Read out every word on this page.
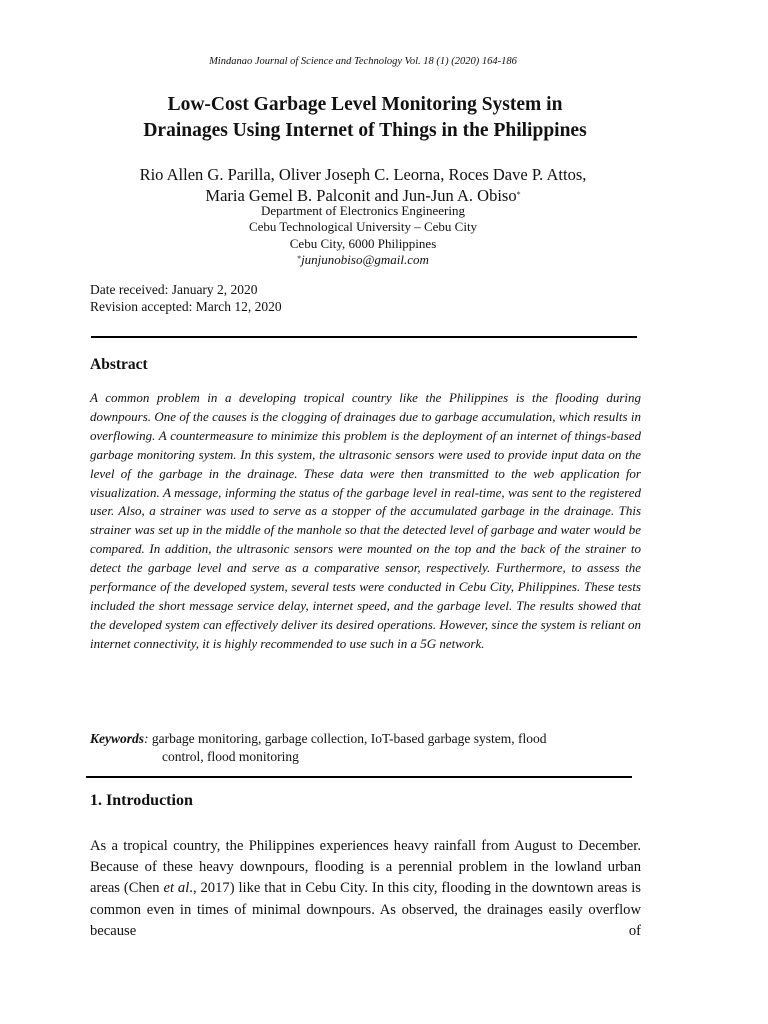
Mindanao Journal of Science and Technology Vol. 18 (1) (2020) 164-186
Low-Cost Garbage Level Monitoring System in
Drainages Using Internet of Things in the Philippines
Rio Allen G. Parilla, Oliver Joseph C. Leorna, Roces Dave P. Attos,
Maria Gemel B. Palconit and Jun-Jun A. Obiso*
Department of Electronics Engineering
Cebu Technological University – Cebu City
Cebu City, 6000 Philippines
*junjunobiso@gmail.com
Date received: January 2, 2020
Revision accepted: March 12, 2020
Abstract

A common problem in a developing tropical country like the Philippines is the flooding during downpours. One of the causes is the clogging of drainages due to garbage accumulation, which results in overflowing. A countermeasure to minimize this problem is the deployment of an internet of things-based garbage monitoring system. In this system, the ultrasonic sensors were used to provide input data on the level of the garbage in the drainage. These data were then transmitted to the web application for visualization. A message, informing the status of the garbage level in real-time, was sent to the registered user. Also, a strainer was used to serve as a stopper of the accumulated garbage in the drainage. This strainer was set up in the middle of the manhole so that the detected level of garbage and water would be compared. In addition, the ultrasonic sensors were mounted on the top and the back of the strainer to detect the garbage level and serve as a comparative sensor, respectively. Furthermore, to assess the performance of the developed system, several tests were conducted in Cebu City, Philippines. These tests included the short message service delay, internet speed, and the garbage level. The results showed that the developed system can effectively deliver its desired operations. However, since the system is reliant on internet connectivity, it is highly recommended to use such in a 5G network.

Keywords: garbage monitoring, garbage collection, IoT-based garbage system, flood
control, flood monitoring
1. Introduction

As a tropical country, the Philippines experiences heavy rainfall from August to December. Because of these heavy downpours, flooding is a perennial problem in the lowland urban areas (Chen et al., 2017) like that in Cebu City. In this city, flooding in the downtown areas is common even in times of minimal downpours. As observed, the drainages easily overflow because of
